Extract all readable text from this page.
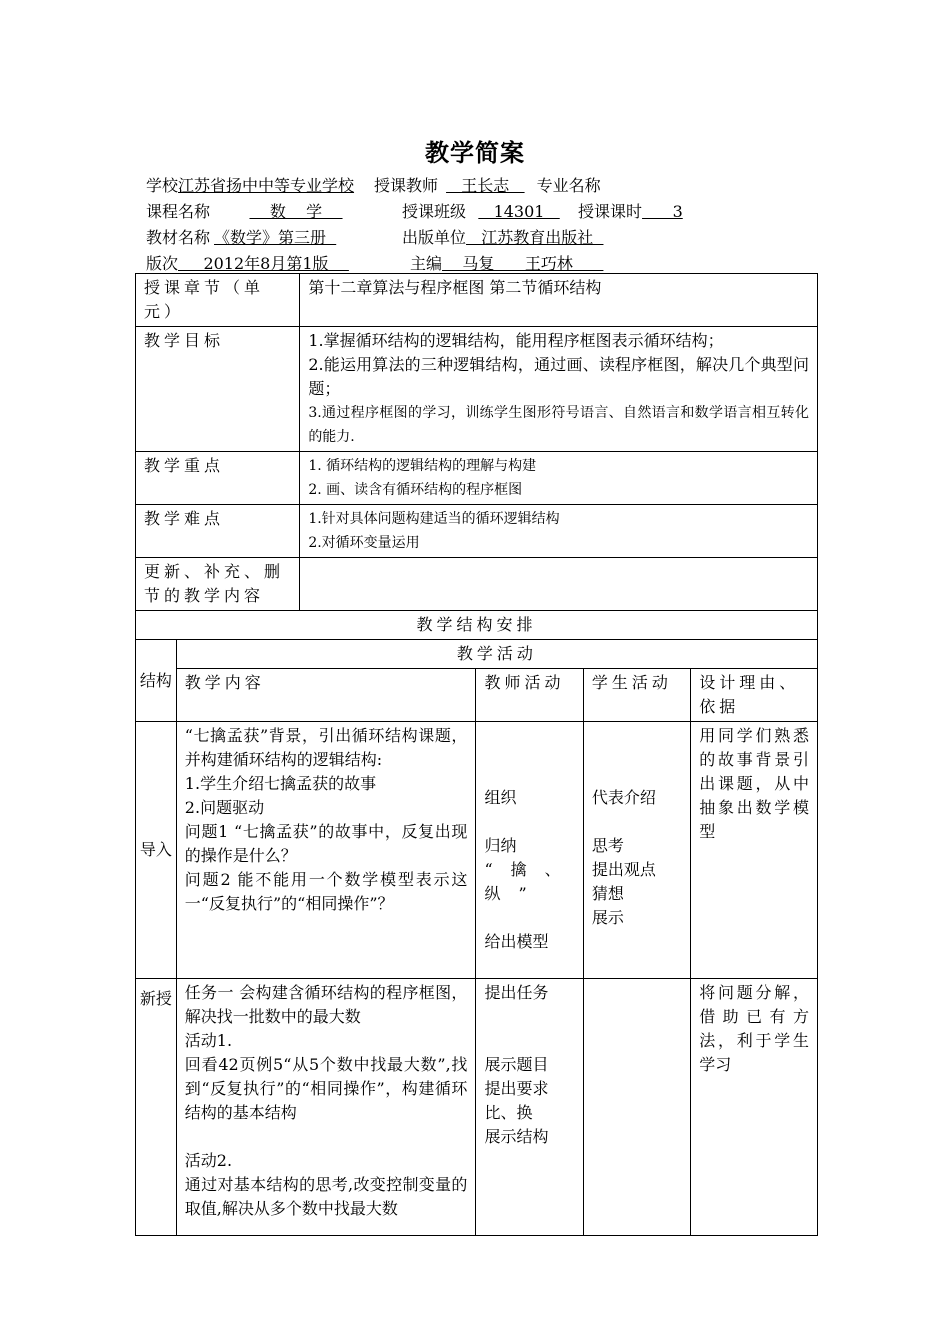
教学简案
学校江苏省扬中中等专业学校 授课教师   王长志   专业名称
课程名称    数    学	授课班级   14301   授课课时      3
教材名称 《数学》第三册	出版单位   江苏教育出版社
版次     2012年8月第1版	主编    马复      王巧林
授课章节（单元）		第十二章算法与程序框图 第二节循环结构			
教学目标		1.掌握循环结构的逻辑结构，能用程序框图表示循环结构；
2.能运用算法的三种逻辑结构，通过画、读程序框图，解决几个典型问题；
3.通过程序框图的学习，训练学生图形符号语言、自然语言和数学语言相互转化的能力.			

教学重点		1. 循环结构的逻辑结构的理解与构建
2. 画、读含有循环结构的程序框图			

教学难点		1.针对具体问题构建适当的循环逻辑结构
2.对循环变量运用			

更新、补充、删节的教学内容					
教学结构安排					
结构	教学活动				
	教学内容		教师活动	学生活动	设计理由、依据
导入	“七擒孟获”背景，引出循环结构课题，并构建循环结构的逻辑结构:
1.学生介绍七擒孟获的故事
2.问题驱动
问题1 “七擒孟获”的故事中，反复出现的操作是什么？
问题2 能不能用一个数学模型表示这一“反复执行”的“相同操作”？		组织
归纳
“擒、纵”
给出模型	代表介绍
思考
提出观点
猜想
展示	用同学们熟悉的故事背景引出课题，从中抽象出数学模型
新授	任务一 会构建含循环结构的程序框图，解决找一批数中的最大数
活动1.
回看42页例5“从5个数中找最大数”,找到“反复执行”的“相同操作”，构建循环结构的基本结构
活动2.
通过对基本结构的思考,改变控制变量的取值,解决从多个数中找最大数		提出任务
展示题目
提出要求
比、换
展示结构		将问题分解，借助已有方法，利于学生学习
